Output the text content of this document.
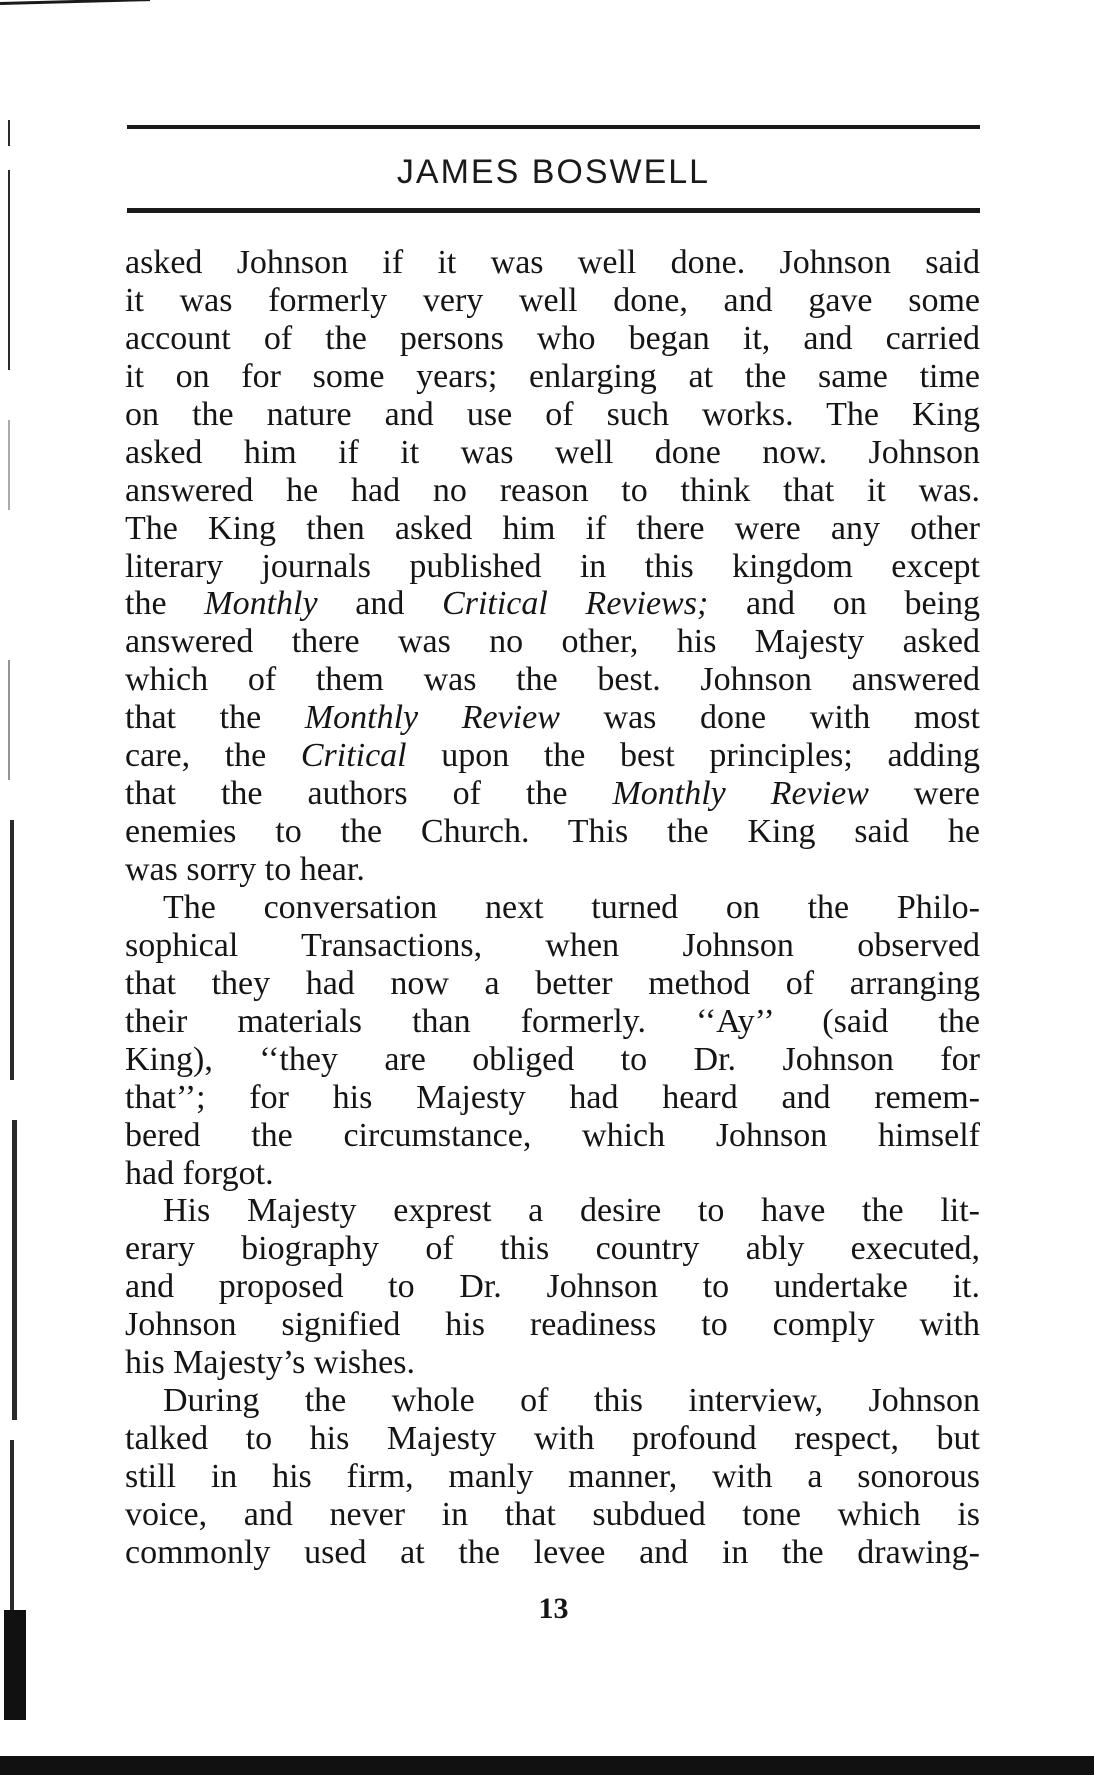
JAMES BOSWELL
asked Johnson if it was well done. Johnson said
it was formerly very well done, and gave some
account of the persons who began it, and carried
it on for some years; enlarging at the same time
on the nature and use of such works. The King
asked him if it was well done now. Johnson
answered he had no reason to think that it was.
The King then asked him if there were any other
literary journals published in this kingdom except
the Monthly and Critical Reviews; and on being
answered there was no other, his Majesty asked
which of them was the best. Johnson answered
that the Monthly Review was done with most
care, the Critical upon the best principles; adding
that the authors of the Monthly Review were
enemies to the Church. This the King said he
was sorry to hear.
The conversation next turned on the Philo-
sophical Transactions, when Johnson observed
that they had now a better method of arranging
their materials than formerly. ‘‘Ay’’ (said the
King), ‘‘they are obliged to Dr. Johnson for
that’’; for his Majesty had heard and remem-
bered the circumstance, which Johnson himself
had forgot.
His Majesty exprest a desire to have the lit-
erary biography of this country ably executed,
and proposed to Dr. Johnson to undertake it.
Johnson signified his readiness to comply with
his Majesty’s wishes.
During the whole of this interview, Johnson
talked to his Majesty with profound respect, but
still in his firm, manly manner, with a sonorous
voice, and never in that subdued tone which is
commonly used at the levee and in the drawing-
13
